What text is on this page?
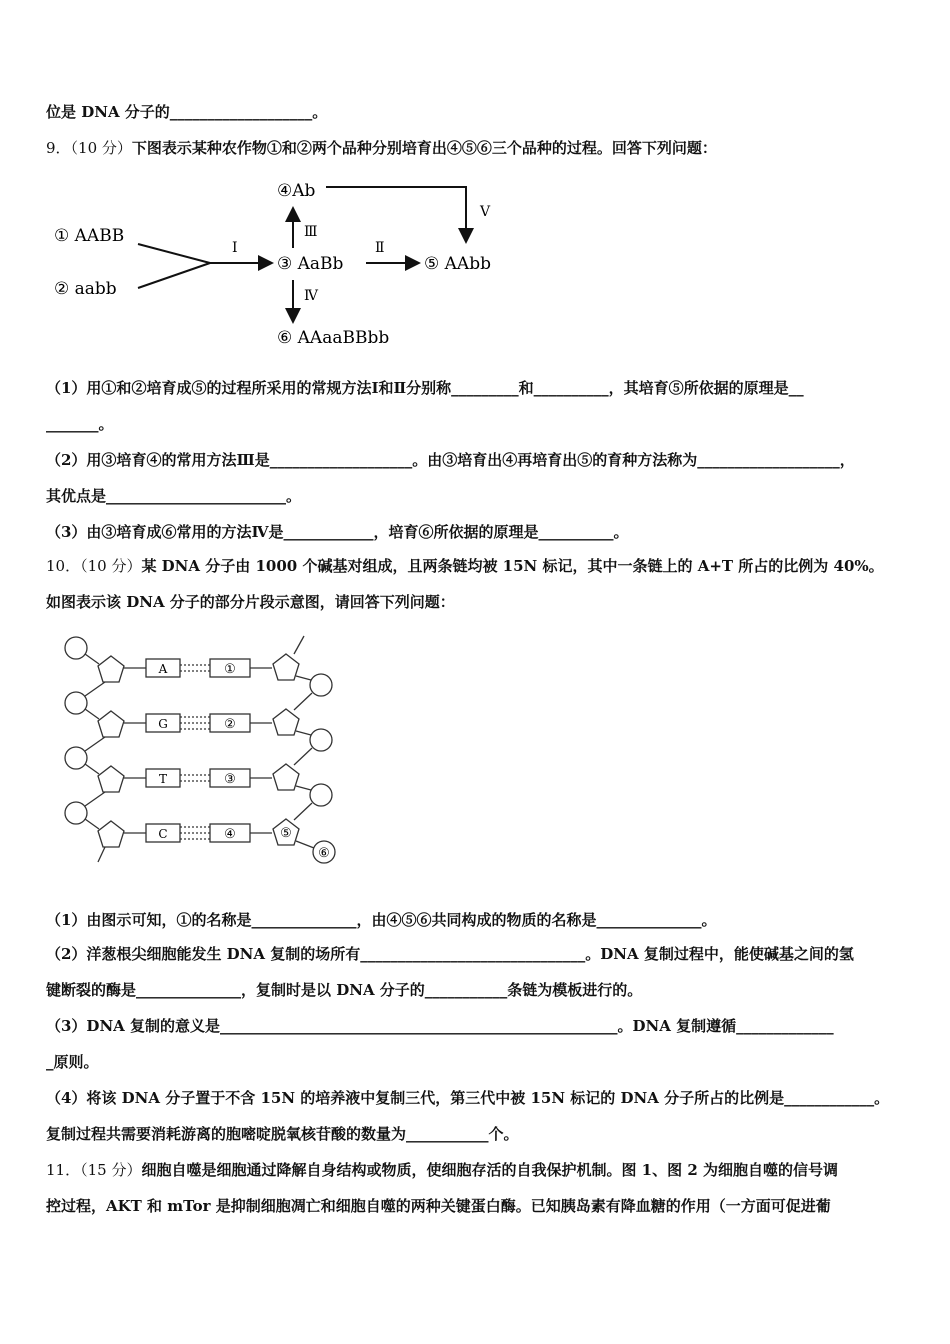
位是 DNA 分子的___________________。
9．（10 分）下图表示某种农作物①和②两个品种分别培育出④⑤⑥三个品种的过程。回答下列问题：
① AABB
② aabb
Ⅰ
③ AaBb
Ⅱ
⑤ AAbb
Ⅲ
④Ab
Ⅴ
Ⅳ
⑥ AAaaBBbb
（1）用①和②培育成⑤的过程所采用的常规方法Ⅰ和Ⅱ分别称_________和__________，其培育⑤所依据的原理是__
_______。
（2）用③培育④的常用方法Ⅲ是___________________。由③培育出④再培育出⑤的育种方法称为___________________，
其优点是________________________。
（3）由③培育成⑥常用的方法Ⅳ是____________，培育⑥所依据的原理是__________。
10．（10 分）某 DNA 分子由 1000 个碱基对组成，且两条链均被 15N 标记，其中一条链上的 A+T 所占的比例为 40%。
如图表示该 DNA 分子的部分片段示意图，请回答下列问题：
A
G
T
C
①
②
③
④	⑤
⑥
（1）由图示可知，①的名称是______________，由④⑤⑥共同构成的物质的名称是______________。
（2）洋葱根尖细胞能发生 DNA 复制的场所有______________________________。DNA 复制过程中，能使碱基之间的氢
键断裂的酶是______________，复制时是以 DNA 分子的___________条链为模板进行的。
（3）DNA 复制的意义是_____________________________________________________。DNA 复制遵循_____________
_原则。
（4）将该 DNA 分子置于不含 15N 的培养液中复制三代，第三代中被 15N 标记的 DNA 分子所占的比例是____________。
复制过程共需要消耗游离的胞嘧啶脱氧核苷酸的数量为___________个。
11．（15 分）细胞自噬是细胞通过降解自身结构或物质，使细胞存活的自我保护机制。图 1、图 2 为细胞自噬的信号调
控过程，AKT 和 mTor 是抑制细胞凋亡和细胞自噬的两种关键蛋白酶。已知胰岛素有降血糖的作用（一方面可促进葡
